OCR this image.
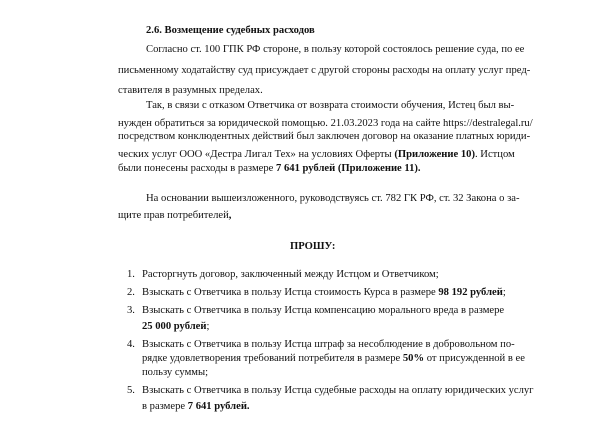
2.6. Возмещение судебных расходов
Согласно ст. 100 ГПК РФ стороне, в пользу которой состоялось решение суда, по ее
письменному ходатайству суд присуждает с другой стороны расходы на оплату услуг пред-
ставителя в разумных пределах.
Так, в связи с отказом Ответчика от возврата стоимости обучения, Истец был вы-
нужден обратиться за юридической помощью. 21.03.2023 года на сайте https://destralegal.ru/
посредством конклюдентных действий был заключен договор на оказание платных юриди-
ческих услуг ООО «Дестра Лигал Тех» на условиях Оферты (Приложение 10). Истцом
были понесены расходы в размере 7 641 рублей (Приложение 11).
На основании вышеизложенного, руководствуясь ст. 782 ГК РФ, ст. 32 Закона о за-
щите прав потребителей,
ПРОШУ:
1. Расторгнуть договор, заключенный между Истцом и Ответчиком;
2. Взыскать с Ответчика в пользу Истца стоимость Курса в размере 98 192 рублей;
3. Взыскать с Ответчика в пользу Истца компенсацию морального вреда в размере
25 000 рублей;
4. Взыскать с Ответчика в пользу Истца штраф за несоблюдение в добровольном по-
рядке удовлетворения требований потребителя в размере 50% от присужденной в ее
пользу суммы;
5. Взыскать с Ответчика в пользу Истца судебные расходы на оплату юридических услуг
в размере 7 641 рублей.
